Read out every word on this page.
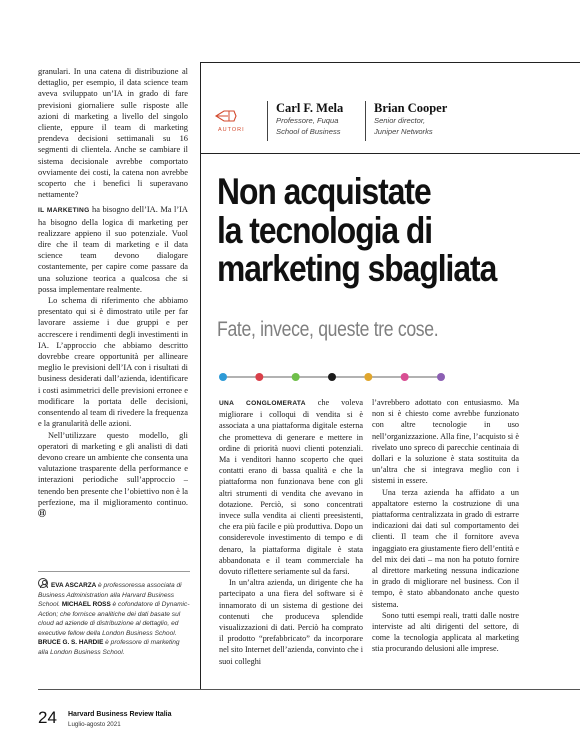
granulari. In una catena di distribuzione al dettaglio, per esempio, il data science team aveva sviluppato un’IA in grado di fare previsioni giornaliere sulle risposte alle azioni di marketing a livello del singolo cliente, eppure il team di marketing prendeva decisioni settimanali su 16 segmenti di clientela. Anche se cambiare il sistema decisionale avrebbe comportato ovviamente dei costi, la catena non avrebbe scoperto che i benefici li superavano nettamente?

IL MARKETING ha bisogno dell’IA. Ma l’IA ha bisogno della logica di marketing per realizzare appieno il suo potenziale. Vuol dire che il team di marketing e il data science team devono dialogare costantemente, per capire come passare da una soluzione teorica a qualcosa che si possa implementare realmente.

Lo schema di riferimento che abbiamo presentato qui si è dimostrato utile per far lavorare assieme i due gruppi e per accrescere i rendimenti degli investimenti in IA. L’approccio che abbiamo descritto dovrebbe creare opportunità per allineare meglio le previsioni dell’IA con i risultati di business desiderati dall’azienda, identificare i costi asimmetrici delle previsioni erronee e modificare la portata delle decisioni, consentendo al team di rivedere la frequenza e la granularità delle azioni.

Nell’utilizzare questo modello, gli operatori di marketing e gli analisti di dati devono creare un ambiente che consenta una valutazione trasparente della performance e interazioni periodiche sull’approccio – tenendo ben presente che l’obiettivo non è la perfezione, ma il miglioramento continuo. Ⓗ

EVA ASCARZA è professoressa associata di Business Administration alla Harvard Business School. MICHAEL ROSS è cofondatore di Dynamic-Action; che fornisce analitiche dei dati basate sul cloud ad aziende di distribuzione al dettaglio, ed executive fellow della London Business School. BRUCE G. S. HARDIE è professore di marketing alla London Business School.
AUTORI
Carl F. Mela
Professore, Fuqua
School of Business
Brian Cooper
Senior director,
Juniper Networks
Non acquistate
la tecnologia di
marketing sbagliata
Fate, invece, queste tre cose.

UNA CONGLOMERATA che voleva migliorare i colloqui di vendita si è associata a una piattaforma digitale esterna che prometteva di generare e mettere in ordine di priorità nuovi clienti potenziali. Ma i venditori hanno scoperto che quei contatti erano di bassa qualità e che la piattaforma non funzionava bene con gli altri strumenti di vendita che avevano in dotazione. Perciò, si sono concentrati invece sulla vendita ai clienti preesistenti, che era più facile e più produttiva. Dopo un considerevole investimento di tempo e di denaro, la piattaforma digitale è stata abbandonata e il team commerciale ha dovuto riflettere seriamente sul da farsi.

In un’altra azienda, un dirigente che ha partecipato a una fiera del software si è innamorato di un sistema di gestione dei contenuti che produceva splendide visualizzazioni di dati. Perciò ha comprato il prodotto “prefabbricato” da incorporare nel sito Internet dell’azienda, convinto che i suoi colleghi

l’avrebbero adottato con entusiasmo. Ma non si è chiesto come avrebbe funzionato con altre tecnologie in uso nell’organizzazione. Alla fine, l’acquisto si è rivelato uno spreco di parecchie centinaia di dollari e la soluzione è stata sostituita da un’altra che si integrava meglio con i sistemi in essere.

Una terza azienda ha affidato a un appaltatore esterno la costruzione di una piattaforma centralizzata in grado di estrarre indicazioni dai dati sul comportamento dei clienti. Il team che il fornitore aveva ingaggiato era giustamente fiero dell’entità e del mix dei dati – ma non ha potuto fornire al direttore marketing nessuna indicazione in grado di migliorare nel business. Con il tempo, è stato abbandonato anche questo sistema.

Sono tutti esempi reali, tratti dalle nostre interviste ad alti dirigenti del settore, di come la tecnologia applicata al marketing stia procurando delusioni alle imprese.

24 Harvard Business Review Italia
Luglio-agosto 2021
